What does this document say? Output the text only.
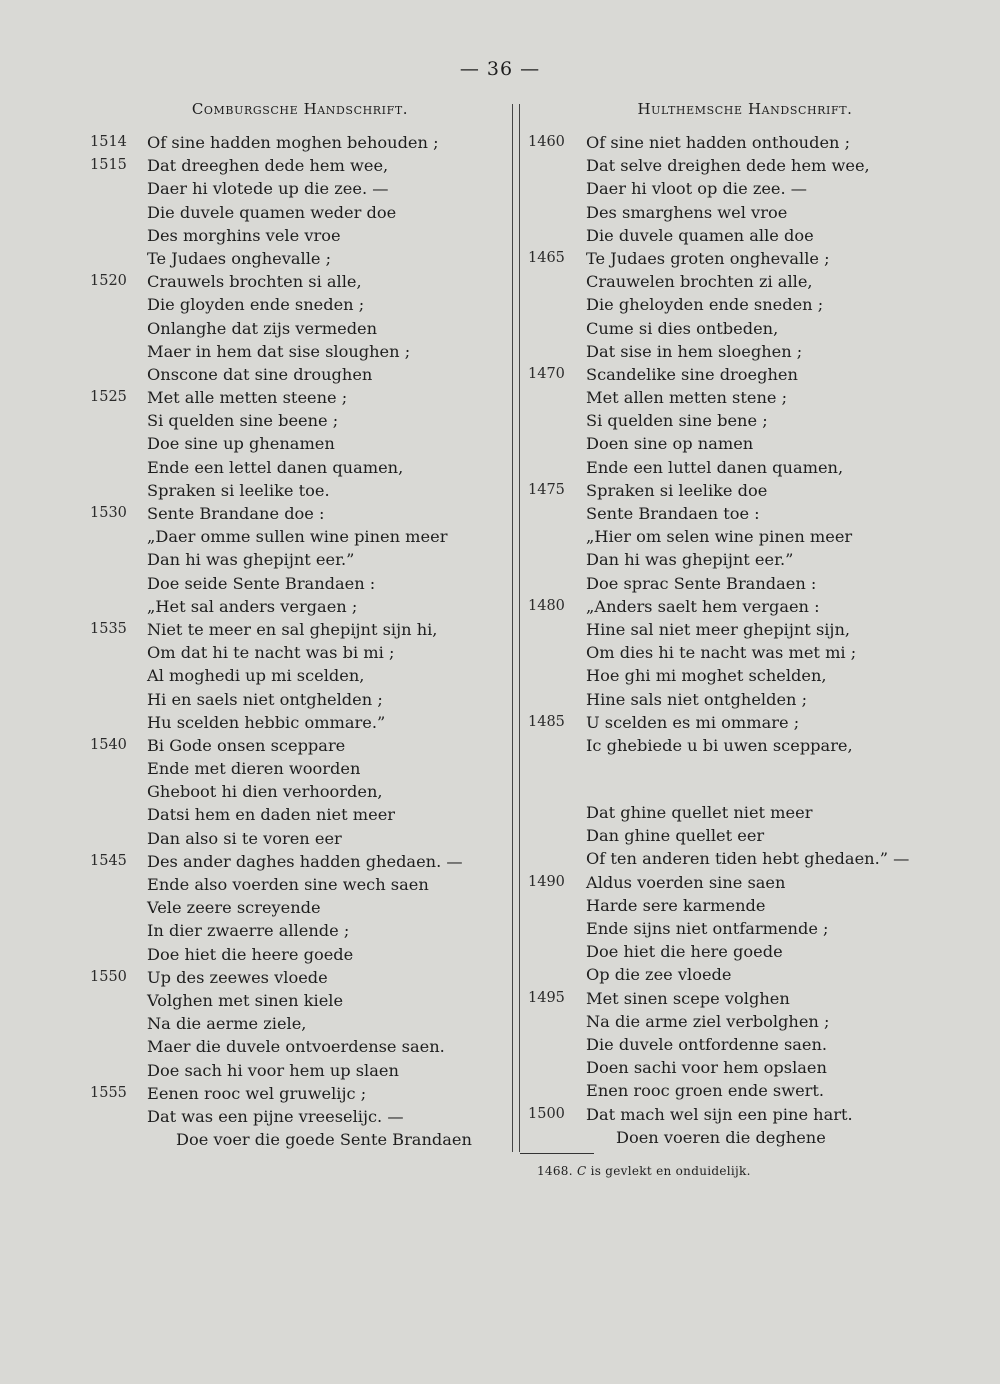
— 36 —
Comburgsche Handschrift.	Hulthemsche Handschrift.
1514	Of sine hadden moghen behouden ;
1515	Dat dreeghen dede hem wee,
Daer hi vlotede up die zee. —
Die duvele quamen weder doe
Des morghins vele vroe
Te Judaes onghevalle ;
1520	Crauwels brochten si alle,
Die gloyden ende sneden ;
Onlanghe dat zijs vermeden
Maer in hem dat sise sloughen ;
Onscone dat sine droughen
1525	Met alle metten steene ;
Si quelden sine beene ;
Doe sine up ghenamen
Ende een lettel danen quamen,
Spraken si leelike toe.
1530	Sente Brandane doe :
„Daer omme sullen wine pinen meer
Dan hi was ghepijnt eer.”
Doe seide Sente Brandaen :
„Het sal anders vergaen ;
1535	Niet te meer en sal ghepijnt sijn hi,
Om dat hi te nacht was bi mi ;
Al moghedi up mi scelden,
Hi en saels niet ontghelden ;
Hu scelden hebbic ommare.”
1540	Bi Gode onsen sceppare
Ende met dieren woorden
Gheboot hi dien verhoorden,
Datsi hem en daden niet meer
Dan also si te voren eer
1545	Des ander daghes hadden ghedaen. —
Ende also voerden sine wech saen
Vele zeere screyende
In dier zwaerre allende ;
Doe hiet die heere goede
1550	Up des zeewes vloede
Volghen met sinen kiele
Na die aerme ziele,
Maer die duvele ontvoerdense saen.
Doe sach hi voor hem up slaen
1555	Eenen rooc wel gruwelijc ;
Dat was een pijne vreeselijc. —
Doe voer die goede Sente Brandaen
1460	Of sine niet hadden onthouden ;
Dat selve dreighen dede hem wee,
Daer hi vloot op die zee. —
Des smarghens wel vroe
Die duvele quamen alle doe
1465	Te Judaes groten onghevalle ;
Crauwelen brochten zi alle,
Die gheloyden ende sneden ;
Cume si dies ontbeden,
Dat sise in hem sloeghen ;
1470	Scandelike sine droeghen
Met allen metten stene ;
Si quelden sine bene ;
Doen sine op namen
Ende een luttel danen quamen,
1475	Spraken si leelike doe
Sente Brandaen toe :
„Hier om selen wine pinen meer
Dan hi was ghepijnt eer.”
Doe sprac Sente Brandaen :
1480	„Anders saelt hem vergaen :
Hine sal niet meer ghepijnt sijn,
Om dies hi te nacht was met mi ;
Hoe ghi mi moghet schelden,
Hine sals niet ontghelden ;
1485	U scelden es mi ommare ;
Ic ghebiede u bi uwen sceppare,
Dat ghine quellet niet meer
Dan ghine quellet eer
Of ten anderen tiden hebt ghedaen.” —
1490	Aldus voerden sine saen
Harde sere karmende
Ende sijns niet ontfarmende ;
Doe hiet die here goede
Op die zee vloede
1495	Met sinen scepe volghen
Na die arme ziel verbolghen ;
Die duvele ontfordenne saen.
Doen sachi voor hem opslaen
Enen rooc groen ende swert.
1500	Dat mach wel sijn een pine hart.
Doen voeren die deghene
1468. C is gevlekt en onduidelijk.
